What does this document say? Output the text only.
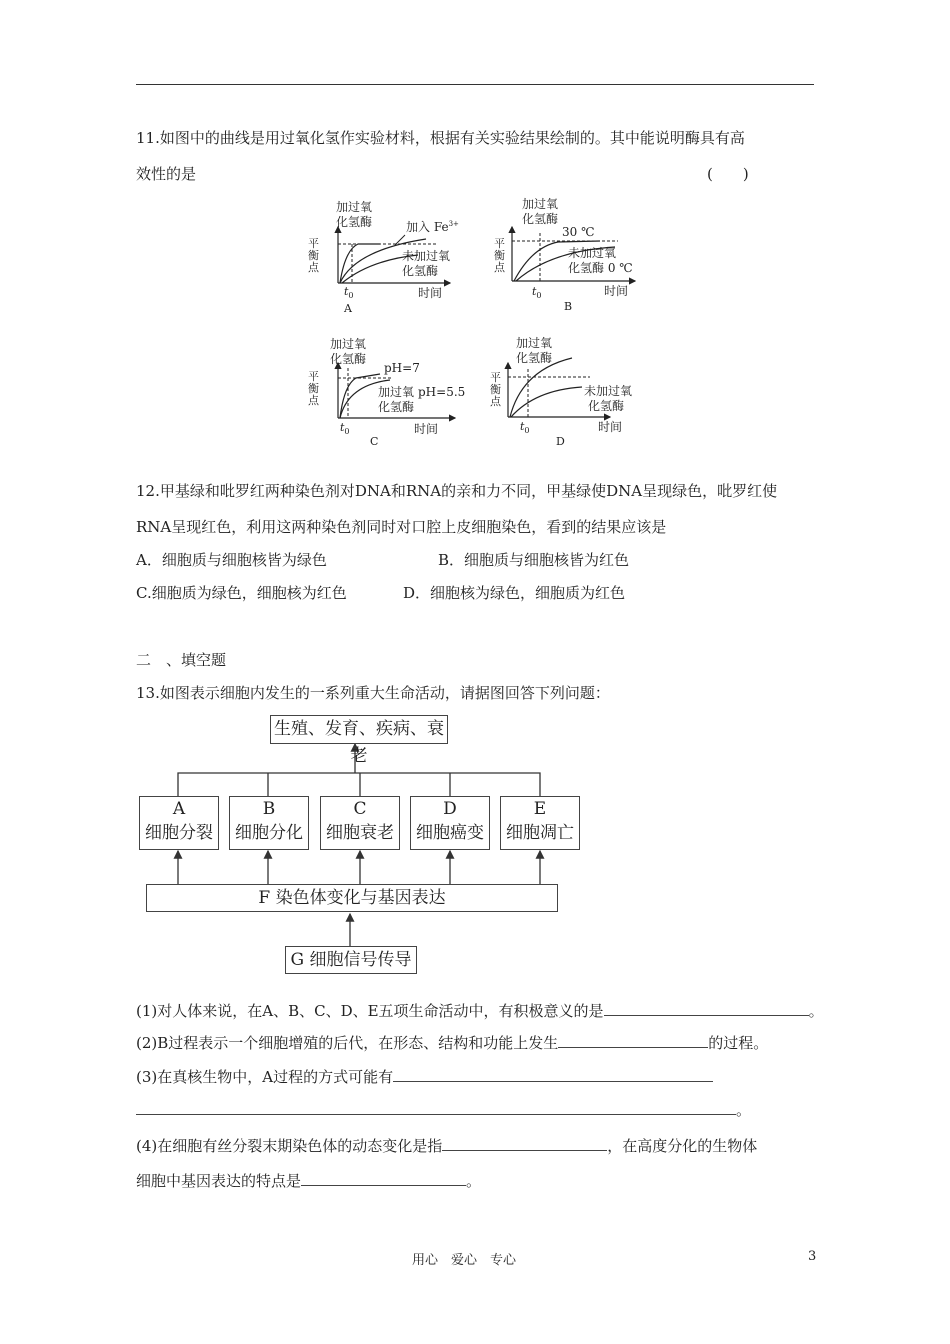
11.如图中的曲线是用过氧化氢作实验材料，根据有关实验结果绘制的。其中能说明酶具有高
效性的是	(　　)
平
衡
点
加过氧
化氢酶	加入 $Fe^{3+}$
未加过氧
化氢酶
$t_0$	时间
A
平
衡
点
加过氧
化氢酶
30 ℃
未加过氧
化氢酶 0 ℃
$t_0$	时间
B
平
衡
点
加过氧
化氢酶
pH=7
加过氧
化氢酶
pH=5.5
$t_0$	时间
C
平
衡
点
加过氧
化氢酶
未加过氧
化氢酶
$t_0$	时间
D
12.甲基绿和吡罗红两种染色剂对DNA和RNA的亲和力不同，甲基绿使DNA呈现绿色，吡罗红使
RNA呈现红色，利用这两种染色剂同时对口腔上皮细胞染色，看到的结果应该是
A．细胞质与细胞核皆为绿色	B．细胞质与细胞核皆为红色
C.细胞质为绿色，细胞核为红色	D．细胞核为绿色，细胞质为红色
二　、填空题
13.如图表示细胞内发生的一系列重大生命活动，请据图回答下列问题：
生殖、发育、疾病、衰老
A
细胞分裂
B
细胞分化
C
细胞衰老
D
细胞癌变
E
细胞凋亡
F 染色体变化与基因表达
G 细胞信号传导
(1)对人体来说，在A、B、C、D、E五项生命活动中，有积极意义的是	。
(2)B过程表示一个细胞增殖的后代，在形态、结构和功能上发生	的过程。
(3)在真核生物中，A过程的方式可能有
。
(4)在细胞有丝分裂末期染色体的动态变化是指	，在高度分化的生物体
细胞中基因表达的特点是	。
用心　爱心　专心	3
